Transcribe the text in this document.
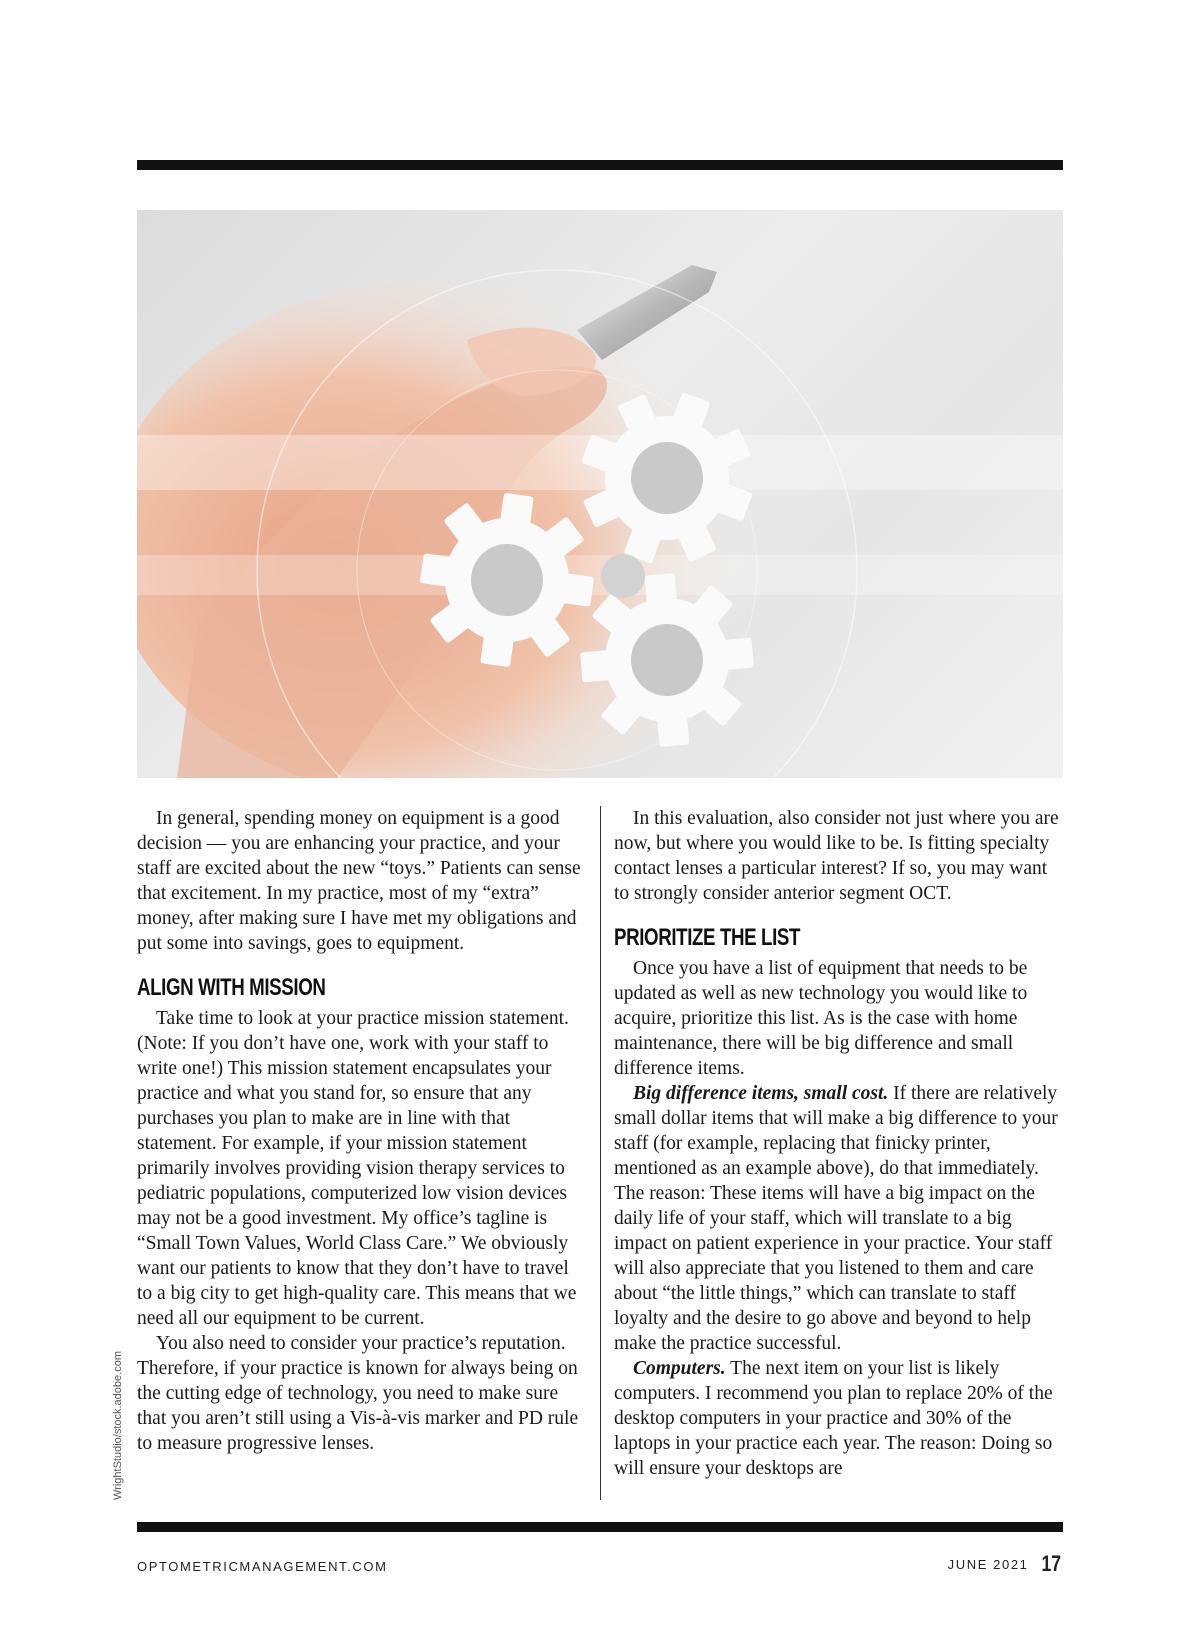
WrightStudio/stock.adobe.com

In general, spending money on equipment is a good decision — you are enhancing your practice, and your staff are excited about the new “toys.” Patients can sense that excitement. In my practice, most of my “extra” money, after making sure I have met my obligations and put some into savings, goes to equipment.

ALIGN WITH MISSION

Take time to look at your practice mission statement. (Note: If you don’t have one, work with your staff to write one!) This mission statement encapsulates your practice and what you stand for, so ensure that any purchases you plan to make are in line with that statement. For example, if your mission statement primarily involves providing vision therapy services to pediatric populations, computerized low vision devices may not be a good investment. My office’s tagline is “Small Town Values, World Class Care.” We obviously want our patients to know that they don’t have to travel to a big city to get high-quality care. This means that we need all our equipment to be current.

You also need to consider your practice’s reputation. Therefore, if your practice is known for always being on the cutting edge of technology, you need to make sure that you aren’t still using a Vis-à-vis marker and PD rule to measure progressive lenses.

In this evaluation, also consider not just where you are now, but where you would like to be. Is fitting specialty contact lenses a particular interest? If so, you may want to strongly consider anterior segment OCT.

PRIORITIZE THE LIST

Once you have a list of equipment that needs to be updated as well as new technology you would like to acquire, prioritize this list. As is the case with home maintenance, there will be big difference and small difference items.

Big difference items, small cost. If there are relatively small dollar items that will make a big difference to your staff (for example, replacing that finicky printer, mentioned as an example above), do that immediately. The reason: These items will have a big impact on the daily life of your staff, which will translate to a big impact on patient experience in your practice. Your staff will also appreciate that you listened to them and care about “the little things,” which can translate to staff loyalty and the desire to go above and beyond to help make the practice successful.

Computers. The next item on your list is likely computers. I recommend you plan to replace 20% of the desktop computers in your practice and 30% of the laptops in your practice each year. The reason: Doing so will ensure your desktops are

OPTOMETRICMANAGEMENT.COM	JUNE 2021 17
